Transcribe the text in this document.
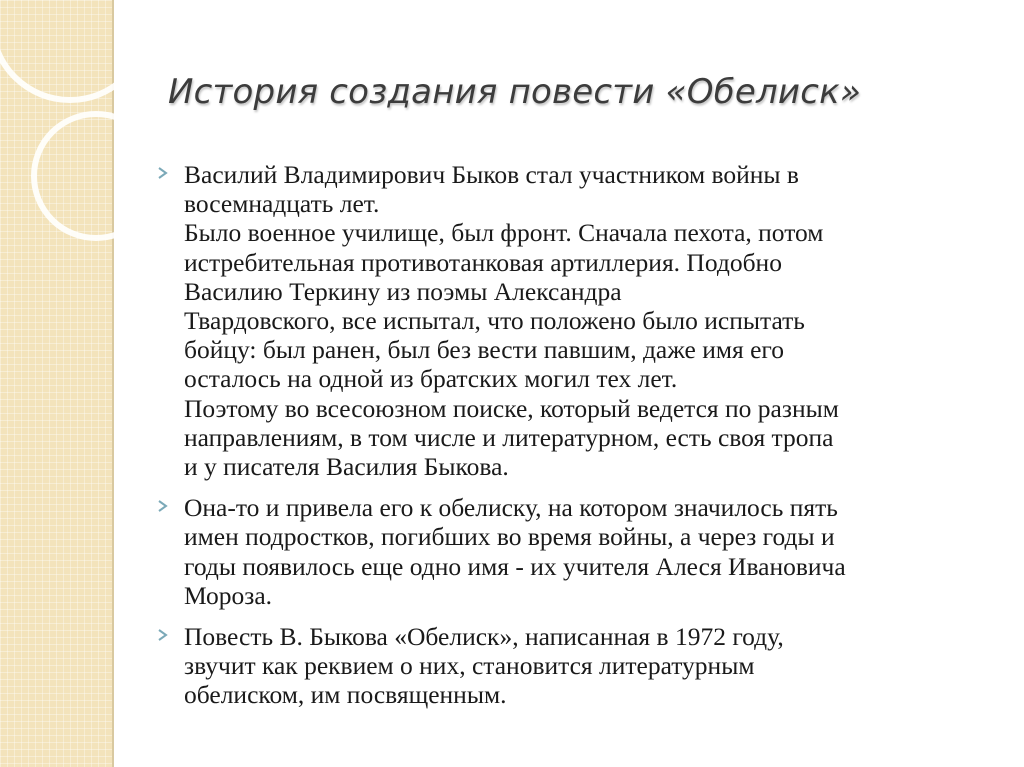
История создания повести «Обелиск»
Василий Владимирович Быков стал участником войны в
восемнадцать лет.
Было военное училище, был фронт. Сначала пехота, потом
истребительная противотанковая артиллерия. Подобно
Василию Теркину из поэмы Александра
Твардовского, все испытал, что положено было испытать
бойцу: был ранен, был без вести павшим, даже имя его
осталось на одной из братских могил тех лет.
Поэтому во всесоюзном поиске, который ведется по разным
направлениям, в том числе и литературном, есть своя тропа
и у писателя Василия Быкова.
Она-то и привела его к обелиску, на котором значилось пять
имен подростков, погибших во время войны, а через годы и
годы появилось еще одно имя - их учителя Алеся Ивановича
Мороза.
Повесть В. Быкова «Обелиск», написанная в 1972 году,
звучит как реквием о них, становится литературным
обелиском, им посвященным.
